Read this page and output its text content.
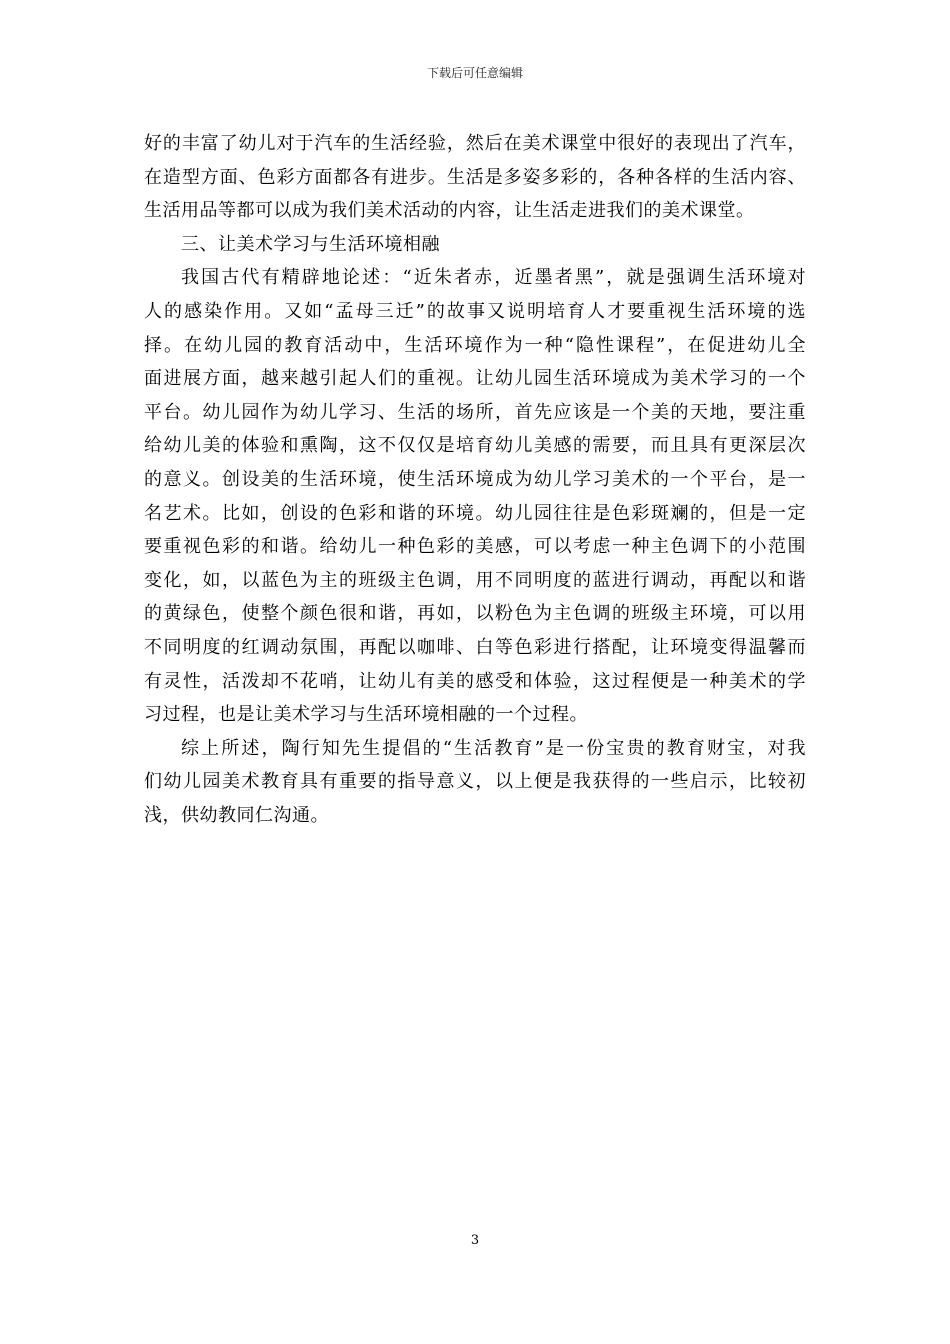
下载后可任意编辑
好的丰富了幼儿对于汽车的生活经验，然后在美术课堂中很好的表现出了汽车，
在造型方面、色彩方面都各有进步。生活是多姿多彩的，各种各样的生活内容、
生活用品等都可以成为我们美术活动的内容，让生活走进我们的美术课堂。
三、让美术学习与生活环境相融
我国古代有精辟地论述：“近朱者赤，近墨者黑”，就是强调生活环境对
人的感染作用。又如“孟母三迁”的故事又说明培育人才要重视生活环境的选
择。在幼儿园的教育活动中，生活环境作为一种“隐性课程”，在促进幼儿全
面进展方面，越来越引起人们的重视。让幼儿园生活环境成为美术学习的一个
平台。幼儿园作为幼儿学习、生活的场所，首先应该是一个美的天地，要注重
给幼儿美的体验和熏陶，这不仅仅是培育幼儿美感的需要，而且具有更深层次
的意义。创设美的生活环境，使生活环境成为幼儿学习美术的一个平台，是一
名艺术。比如，创设的色彩和谐的环境。幼儿园往往是色彩斑斓的，但是一定
要重视色彩的和谐。给幼儿一种色彩的美感，可以考虑一种主色调下的小范围
变化，如，以蓝色为主的班级主色调，用不同明度的蓝进行调动，再配以和谐
的黄绿色，使整个颜色很和谐，再如，以粉色为主色调的班级主环境，可以用
不同明度的红调动氛围，再配以咖啡、白等色彩进行搭配，让环境变得温馨而
有灵性，活泼却不花哨，让幼儿有美的感受和体验，这过程便是一种美术的学
习过程，也是让美术学习与生活环境相融的一个过程。
综上所述，陶行知先生提倡的“生活教育”是一份宝贵的教育财宝，对我
们幼儿园美术教育具有重要的指导意义，以上便是我获得的一些启示，比较初
浅，供幼教同仁沟通。
3
